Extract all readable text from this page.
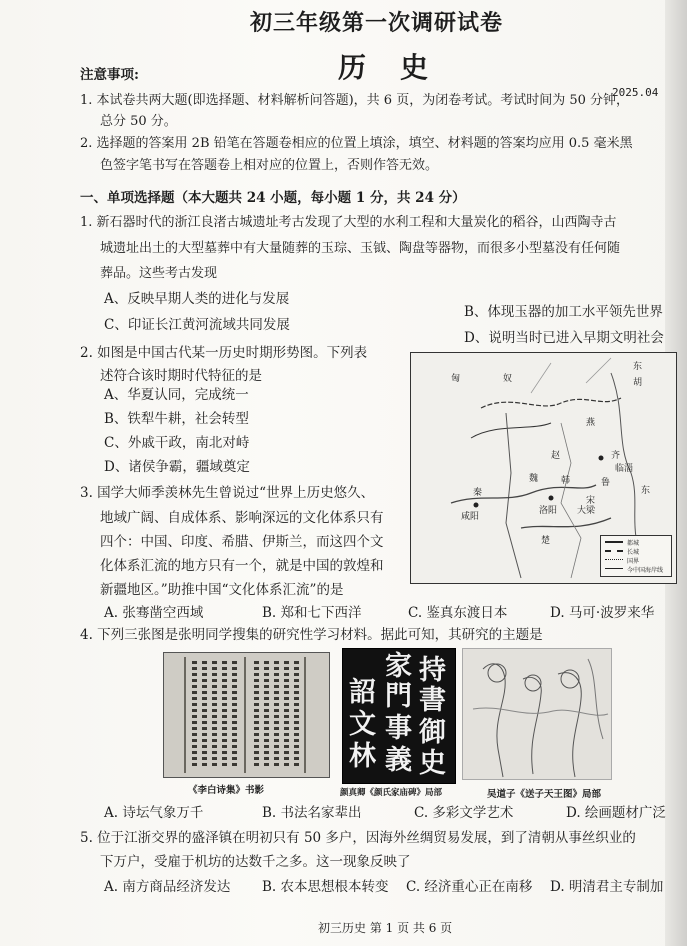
初三年级第一次调研试卷
历史
2025.04
注意事项:
1. 本试卷共两大题(即选择题、材料解析问答题)，共 6 页，为闭卷考试。考试时间为 50 分钟，
总分 50 分。
2. 选择题的答案用 2B 铅笔在答题卷相应的位置上填涂，填空、材料题的答案均应用 0.5 毫米黑
色签字笔书写在答题卷上相对应的位置上，否则作答无效。
一、单项选择题（本大题共 24 小题，每小题 1 分，共 24 分）
1. 新石器时代的浙江良渚古城遗址考古发现了大型的水利工程和大量炭化的稻谷，山西陶寺古
城遗址出土的大型墓葬中有大量随葬的玉琮、玉钺、陶盘等器物，而很多小型墓没有任何随
葬品。这些考古发现
A、反映早期人类的进化与发展
B、体现玉器的加工水平领先世界
C、印证长江黄河流域共同发展
D、说明当时已进入早期文明社会
2. 如图是中国古代某一历史时期形势图。下列表
述符合该时期时代特征的是
A、华夏认同，完成统一
B、铁犁牛耕，社会转型
C、外戚干政，南北对峙
D、诸侯争霸，疆域奠定
匈	奴
东
胡
燕
赵
魏
秦
韩
齐
鲁
楚
宋
咸阳
洛阳
东
临淄
大梁
都城
长城
国界
今中国海岸线
3. 国学大师季羡林先生曾说过“世界上历史悠久、
地域广阔、自成体系、影响深远的文化体系只有
四个：中国、印度、希腊、伊斯兰，而这四个文
化体系汇流的地方只有一个，就是中国的敦煌和
新疆地区。”助推中国“文化体系汇流”的是
A. 张骞凿空西域	B. 郑和七下西洋	C. 鉴真东渡日本	D. 马可·波罗来华
4. 下列三张图是张明同学搜集的研究性学习材料。据此可知，其研究的主题是
持
家
詔 書
門
文 御
事
林 史
義
《李白诗集》书影	颜真卿《颜氏家庙碑》局部	吴道子《送子天王图》局部
A. 诗坛气象万千	B. 书法名家辈出	C. 多彩文学艺术	D. 绘画题材广泛
5. 位于江浙交界的盛泽镇在明初只有 50 多户，因海外丝绸贸易发展，到了清朝从事丝织业的
下万户，受雇于机坊的达数千之多。这一现象反映了
A. 南方商品经济发达 B. 农本思想根本转变 C. 经济重心正在南移 D. 明清君主专制加
初三历史 第 1 页 共 6 页
